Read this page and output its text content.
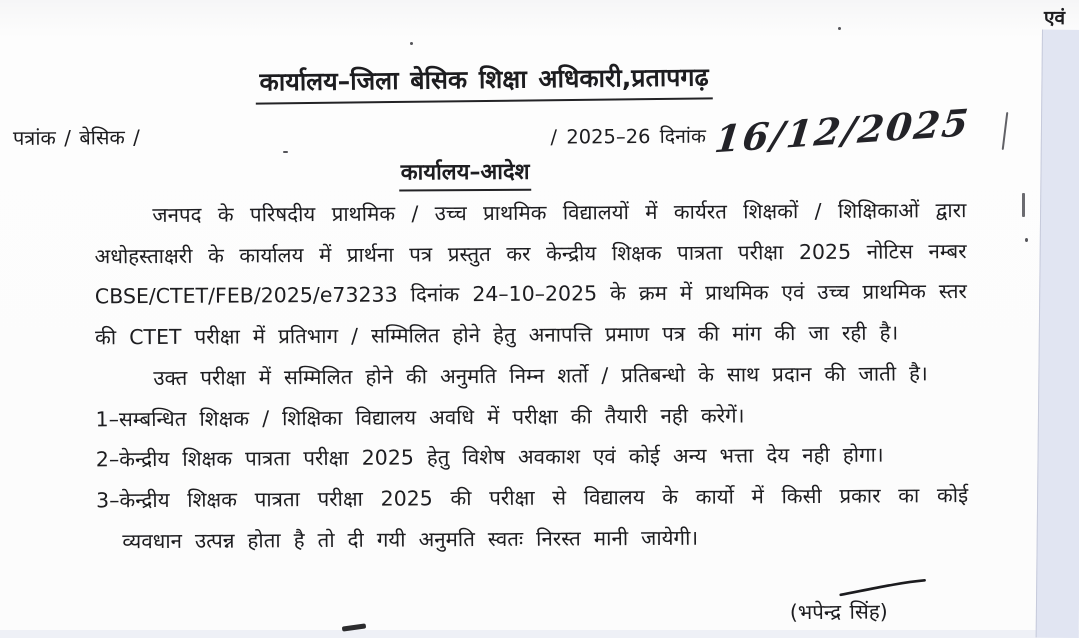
एवं
कार्यालय–जिला बेसिक शिक्षा अधिकारी,प्रतापगढ़
पत्रांक / बेसिक /	/ 2025–26 दिनांक 16/12/2025
कार्यालय–आदेश
जनपद के परिषदीय प्राथमिक / उच्च प्राथमिक विद्यालयों में कार्यरत शिक्षकों / शिक्षिकाओं द्वारा
अधोहस्ताक्षरी के कार्यालय में प्रार्थना पत्र प्रस्तुत कर केन्द्रीय शिक्षक पात्रता परीक्षा 2025 नोटिस नम्बर
CBSE/CTET/FEB/2025/e73233 दिनांक 24–10–2025 के क्रम में प्राथमिक एवं उच्च प्राथमिक स्तर
की CTET परीक्षा में प्रतिभाग / सम्मिलित होने हेतु अनापत्ति प्रमाण पत्र की मांग की जा रही है।
उक्त परीक्षा में सम्मिलित होने की अनुमति निम्न शर्तो / प्रतिबन्धो के साथ प्रदान की जाती है।
1–सम्बन्धित शिक्षक / शिक्षिका विद्यालय अवधि में परीक्षा की तैयारी नही करेगें।
2–केन्द्रीय शिक्षक पात्रता परीक्षा 2025 हेतु विशेष अवकाश एवं कोई अन्य भत्ता देय नही होगा।
3–केन्द्रीय शिक्षक पात्रता परीक्षा 2025 की परीक्षा से विद्यालय के कार्यो में किसी प्रकार का कोई
व्यवधान उत्पन्न होता है तो दी गयी अनुमति स्वतः निरस्त मानी जायेगी।
(भपेन्द्र सिंह)
